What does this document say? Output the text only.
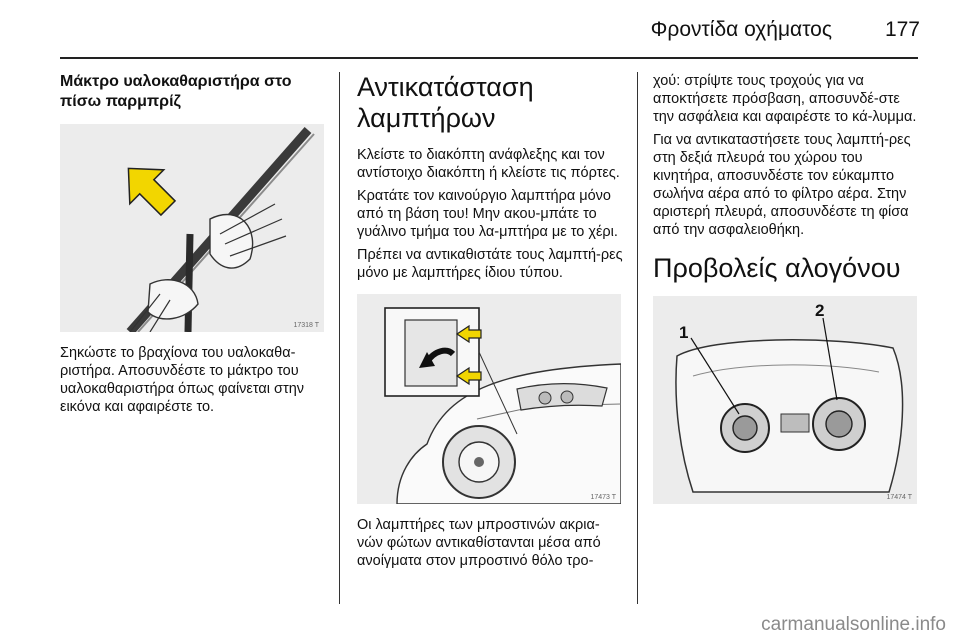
Φροντίδα οχήματος	177
Μάκτρο υαλοκαθαριστήρα στο πίσω παρμπρίζ
17318 T

Σηκώστε το βραχίονα του υαλοκαθα-ριστήρα. Αποσυνδέστε το μάκτρο του υαλοκαθαριστήρα όπως φαίνεται στην εικόνα και αφαιρέστε το.

Αντικατάσταση λαμπτήρων

Κλείστε το διακόπτη ανάφλεξης και τον αντίστοιχο διακόπτη ή κλείστε τις πόρτες.

Κρατάτε τον καινούργιο λαμπτήρα μόνο από τη βάση του! Μην ακου-μπάτε το γυάλινο τμήμα του λα-μπτήρα με το χέρι.

Πρέπει να αντικαθιστάτε τους λαμπτή-ρες μόνο με λαμπτήρες ίδιου τύπου.

17473 T

Οι λαμπτήρες των μπροστινών ακρια-νών φώτων αντικαθίστανται μέσα από ανοίγματα στον μπροστινό θόλο τρο-

χού: στρίψτε τους τροχούς για να αποκτήσετε πρόσβαση, αποσυνδέ-στε την ασφάλεια και αφαιρέστε το κά-λυμμα.

Για να αντικαταστήσετε τους λαμπτή-ρες στη δεξιά πλευρά του χώρου του κινητήρα, αποσυνδέστε τον εύκαμπτο σωλήνα αέρα από το φίλτρο αέρα. Στην αριστερή πλευρά, αποσυνδέστε τη φίσα από την ασφαλειοθήκη.

Προβολείς αλογόνου
1
2
17474 T
carmanualsonline.info
